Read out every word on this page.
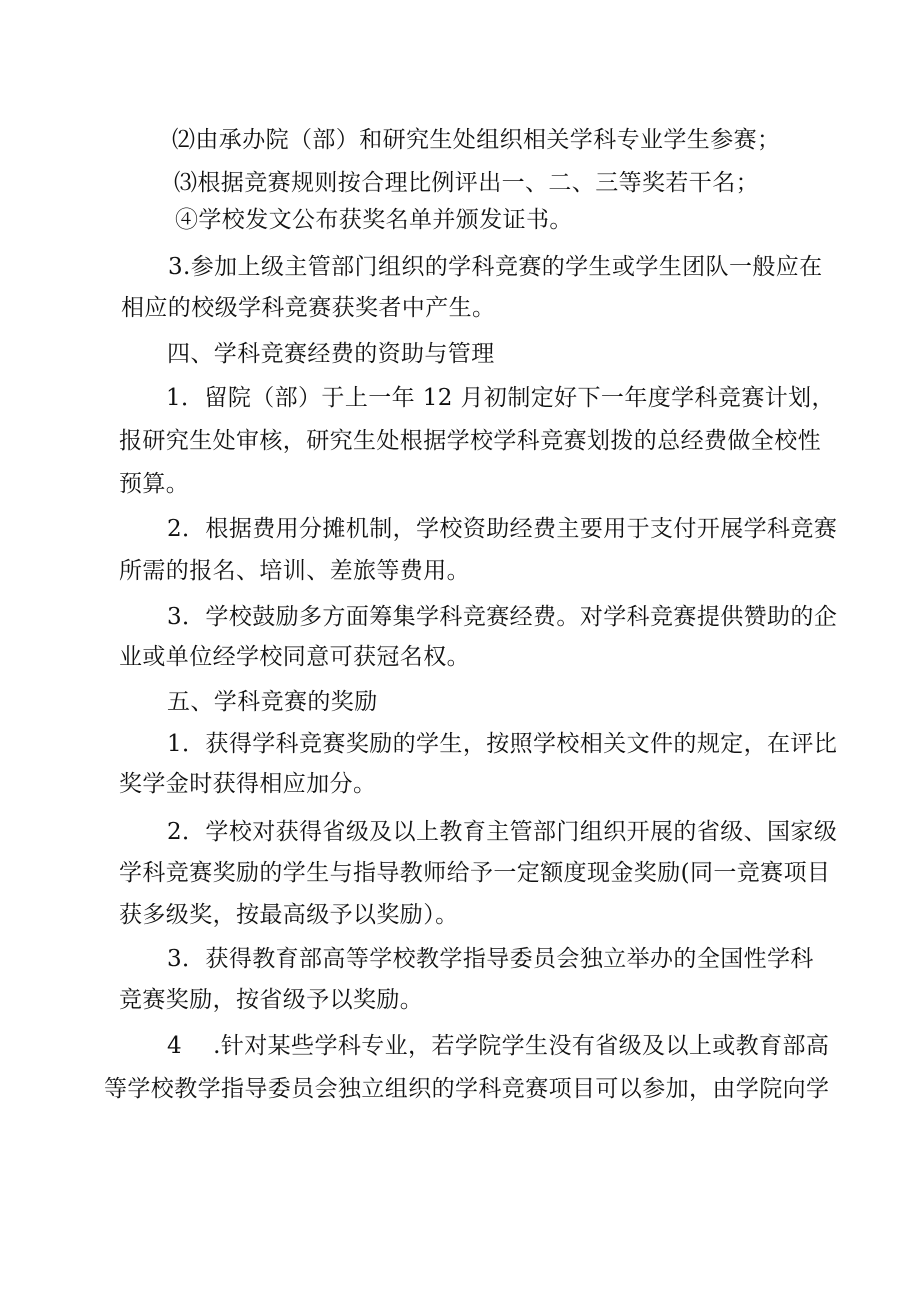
⑵由承办院（部）和研究生处组织相关学科专业学生参赛；
⑶根据竞赛规则按合理比例评出一、二、三等奖若干名；
④学校发文公布获奖名单并颁发证书。
3.参加上级主管部门组织的学科竞赛的学生或学生团队一般应在
相应的校级学科竞赛获奖者中产生。
四、学科竞赛经费的资助与管理
1．留院（部）于上一年 12 月初制定好下一年度学科竞赛计划，
报研究生处审核，研究生处根据学校学科竞赛划拨的总经费做全校性
预算。
2．根据费用分摊机制，学校资助经费主要用于支付开展学科竞赛
所需的报名、培训、差旅等费用。
3．学校鼓励多方面筹集学科竞赛经费。对学科竞赛提供赞助的企
业或单位经学校同意可获冠名权。
五、学科竞赛的奖励
1．获得学科竞赛奖励的学生，按照学校相关文件的规定，在评比
奖学金时获得相应加分。
2．学校对获得省级及以上教育主管部门组织开展的省级、国家级
学科竞赛奖励的学生与指导教师给予一定额度现金奖励(同一竞赛项目
获多级奖，按最高级予以奖励）。
3．获得教育部高等学校教学指导委员会独立举办的全国性学科
竞赛奖励，按省级予以奖励。
4　 .针对某些学科专业，若学院学生没有省级及以上或教育部高
等学校教学指导委员会独立组织的学科竞赛项目可以参加，由学院向学
